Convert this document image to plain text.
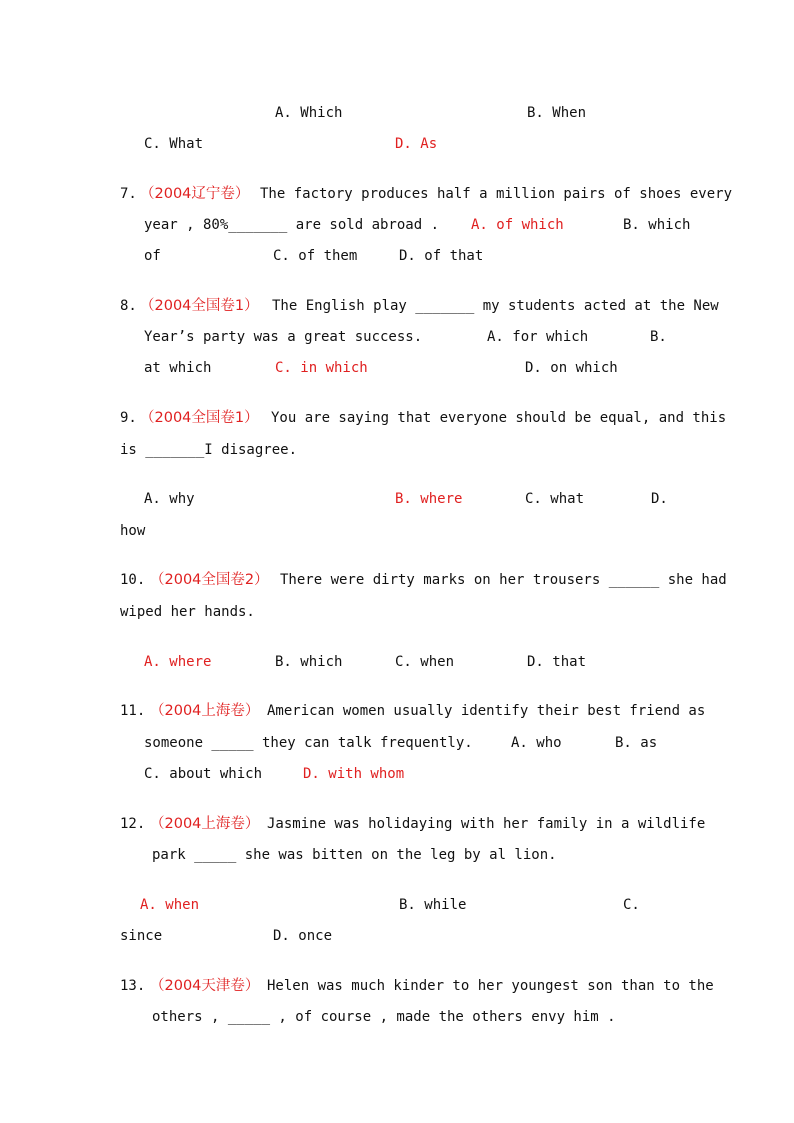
A. Which	B. When
C. What	D. As
7. （2004辽宁卷） The factory produces half a million pairs of shoes every
year , 80%_______ are sold abroad . A. of which	B. which
of	C. of them	D. of that
8. （2004全国卷1） The English play _______ my students acted at the New
Year’s party was a great success.	A. for which	B.
at which	C. in which	D. on which
9. （2004全国卷1） You are saying that everyone should be equal, and this
is _______I disagree.
A. why	B. where	C. what	D.
how
10. （2004全国卷2） There were dirty marks on her trousers ______ she had
wiped her hands.
A. where	B. which	C. when	D. that
11. （2004上海卷） American women usually identify their best friend as
someone _____ they can talk frequently.	A. who	B. as
C. about which	D. with whom
12. （2004上海卷） Jasmine was holidaying with her family in a wildlife
park _____ she was bitten on the leg by al lion.
A. when	B. while	C.
since	D. once
13. （2004天津卷） Helen was much kinder to her youngest son than to the
others , _____ , of course , made the others envy him .
